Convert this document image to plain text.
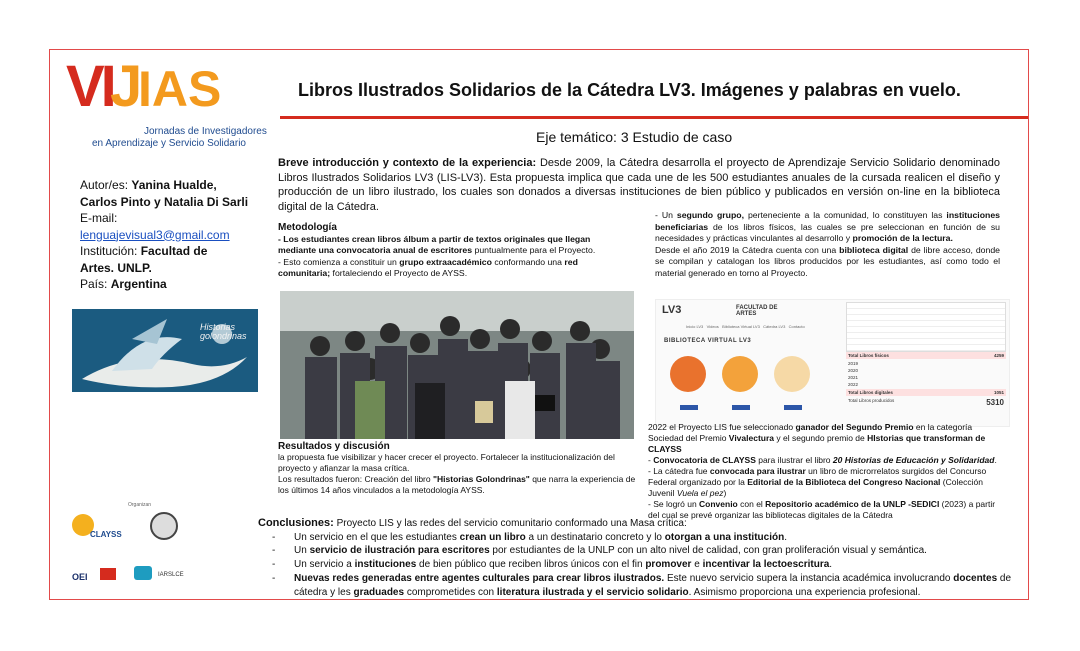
VI
J
IAS
Jornadas de Investigadores
en Aprendizaje y Servicio Solidario
Libros Ilustrados Solidarios de la Cátedra LV3. Imágenes y palabras en vuelo.
Eje temático: 3 Estudio de caso
Autor/es: Yanina Hualde,
Carlos Pinto y Natalia Di Sarli
E-mail:
lenguajevisual3@gmail.com
Institución: Facultad de
Artes. UNLP.
País: Argentina
Historias golondrinas
Breve introducción y contexto de la experiencia: Desde 2009, la Cátedra desarrolla el proyecto de Aprendizaje Servicio Solidario denominado Libros Ilustrados Solidarios LV3 (LIS-LV3). Esta propuesta implica que cada une de les 500 estudiantes anuales de la cursada realicen el diseño y producción de un libro ilustrado, los cuales son donados a diversas instituciones de bien público y publicados en versión on-line en la biblioteca digital de la Cátedra.
Metodología
- Los estudiantes crean libros álbum a partir de textos originales que llegan mediante una convocatoria anual de escritores puntualmente para el Proyecto.
- Esto comienza a constituir un grupo extraacadémico conformando una red comunitaria; fortaleciendo el Proyecto de AYSS.
Resultados y discusión
la propuesta fue visibilizar y hacer crecer el proyecto. Fortalecer la institucionalización del proyecto y afianzar la masa crítica.
Los resultados fueron: Creación del libro "Historias Golondrinas" que narra la experiencia de los últimos 14 años vinculados a la metodología AYSS.
- Un segundo grupo, perteneciente a la comunidad, lo constituyen las instituciones beneficiarias de los libros físicos, las cuales se pre seleccionan en función de su necesidades y prácticas vinculantes al desarrollo y promoción de la lectura.
Desde el año 2019 la Cátedra cuenta con una biblioteca digital de libre acceso, donde se compilan y catalogan los libros producidos por les estudiantes, así como todo el material generado en torno al Proyecto.
LV3	FACULTAD DE ARTES
Inicio LV3 Videos Biblioteca Virtual LV3 Cátedra LV3 Contacto
BIBLIOTECA VIRTUAL LV3
Total Libros físicos	4259
2019
2020
2021
2022
Total Libros digitales	1051
Total Libros producidos	5310
2022 el Proyecto LIS fue seleccionado ganador del Segundo Premio en la categoría Sociedad del Premio Vivalectura y el segundo premio de HIstorias que transforman de CLAYSS
- Convocatoria de CLAYSS para ilustrar el libro 20 Historias de Educación y Solidaridad.
- La cátedra fue convocada para ilustrar un libro de microrrelatos surgidos del Concurso Federal organizado por la Editorial de la Biblioteca del Congreso Nacional (Colección Juvenil Vuela el pez)
- Se logró un Convenio con el Repositorio académico de la UNLP -SEDICI (2023) a partir del cual se prevé organizar las bibliotecas digitales de la Cátedra
Organizan
CLAYSS
OEI	IARSLCE
Conclusiones: Proyecto LIS y las redes del servicio comunitario conformado una Masa crítica:
- Un servicio en el que les estudiantes crean un libro a un destinatario concreto y lo otorgan a una institución.
- Un servicio de ilustración para escritores por estudiantes de la UNLP con un alto nivel de calidad, con gran proliferación visual y semántica.
- Un servicio a instituciones de bien público que reciben libros únicos con el fin promover e incentivar la lectoescritura.
- Nuevas redes generadas entre agentes culturales para crear libros ilustrados. Este nuevo servicio supera la instancia académica involucrando docentes de cátedra y les graduades comprometides con literatura ilustrada y el servicio solidario. Asimismo proporciona una experiencia profesional.
